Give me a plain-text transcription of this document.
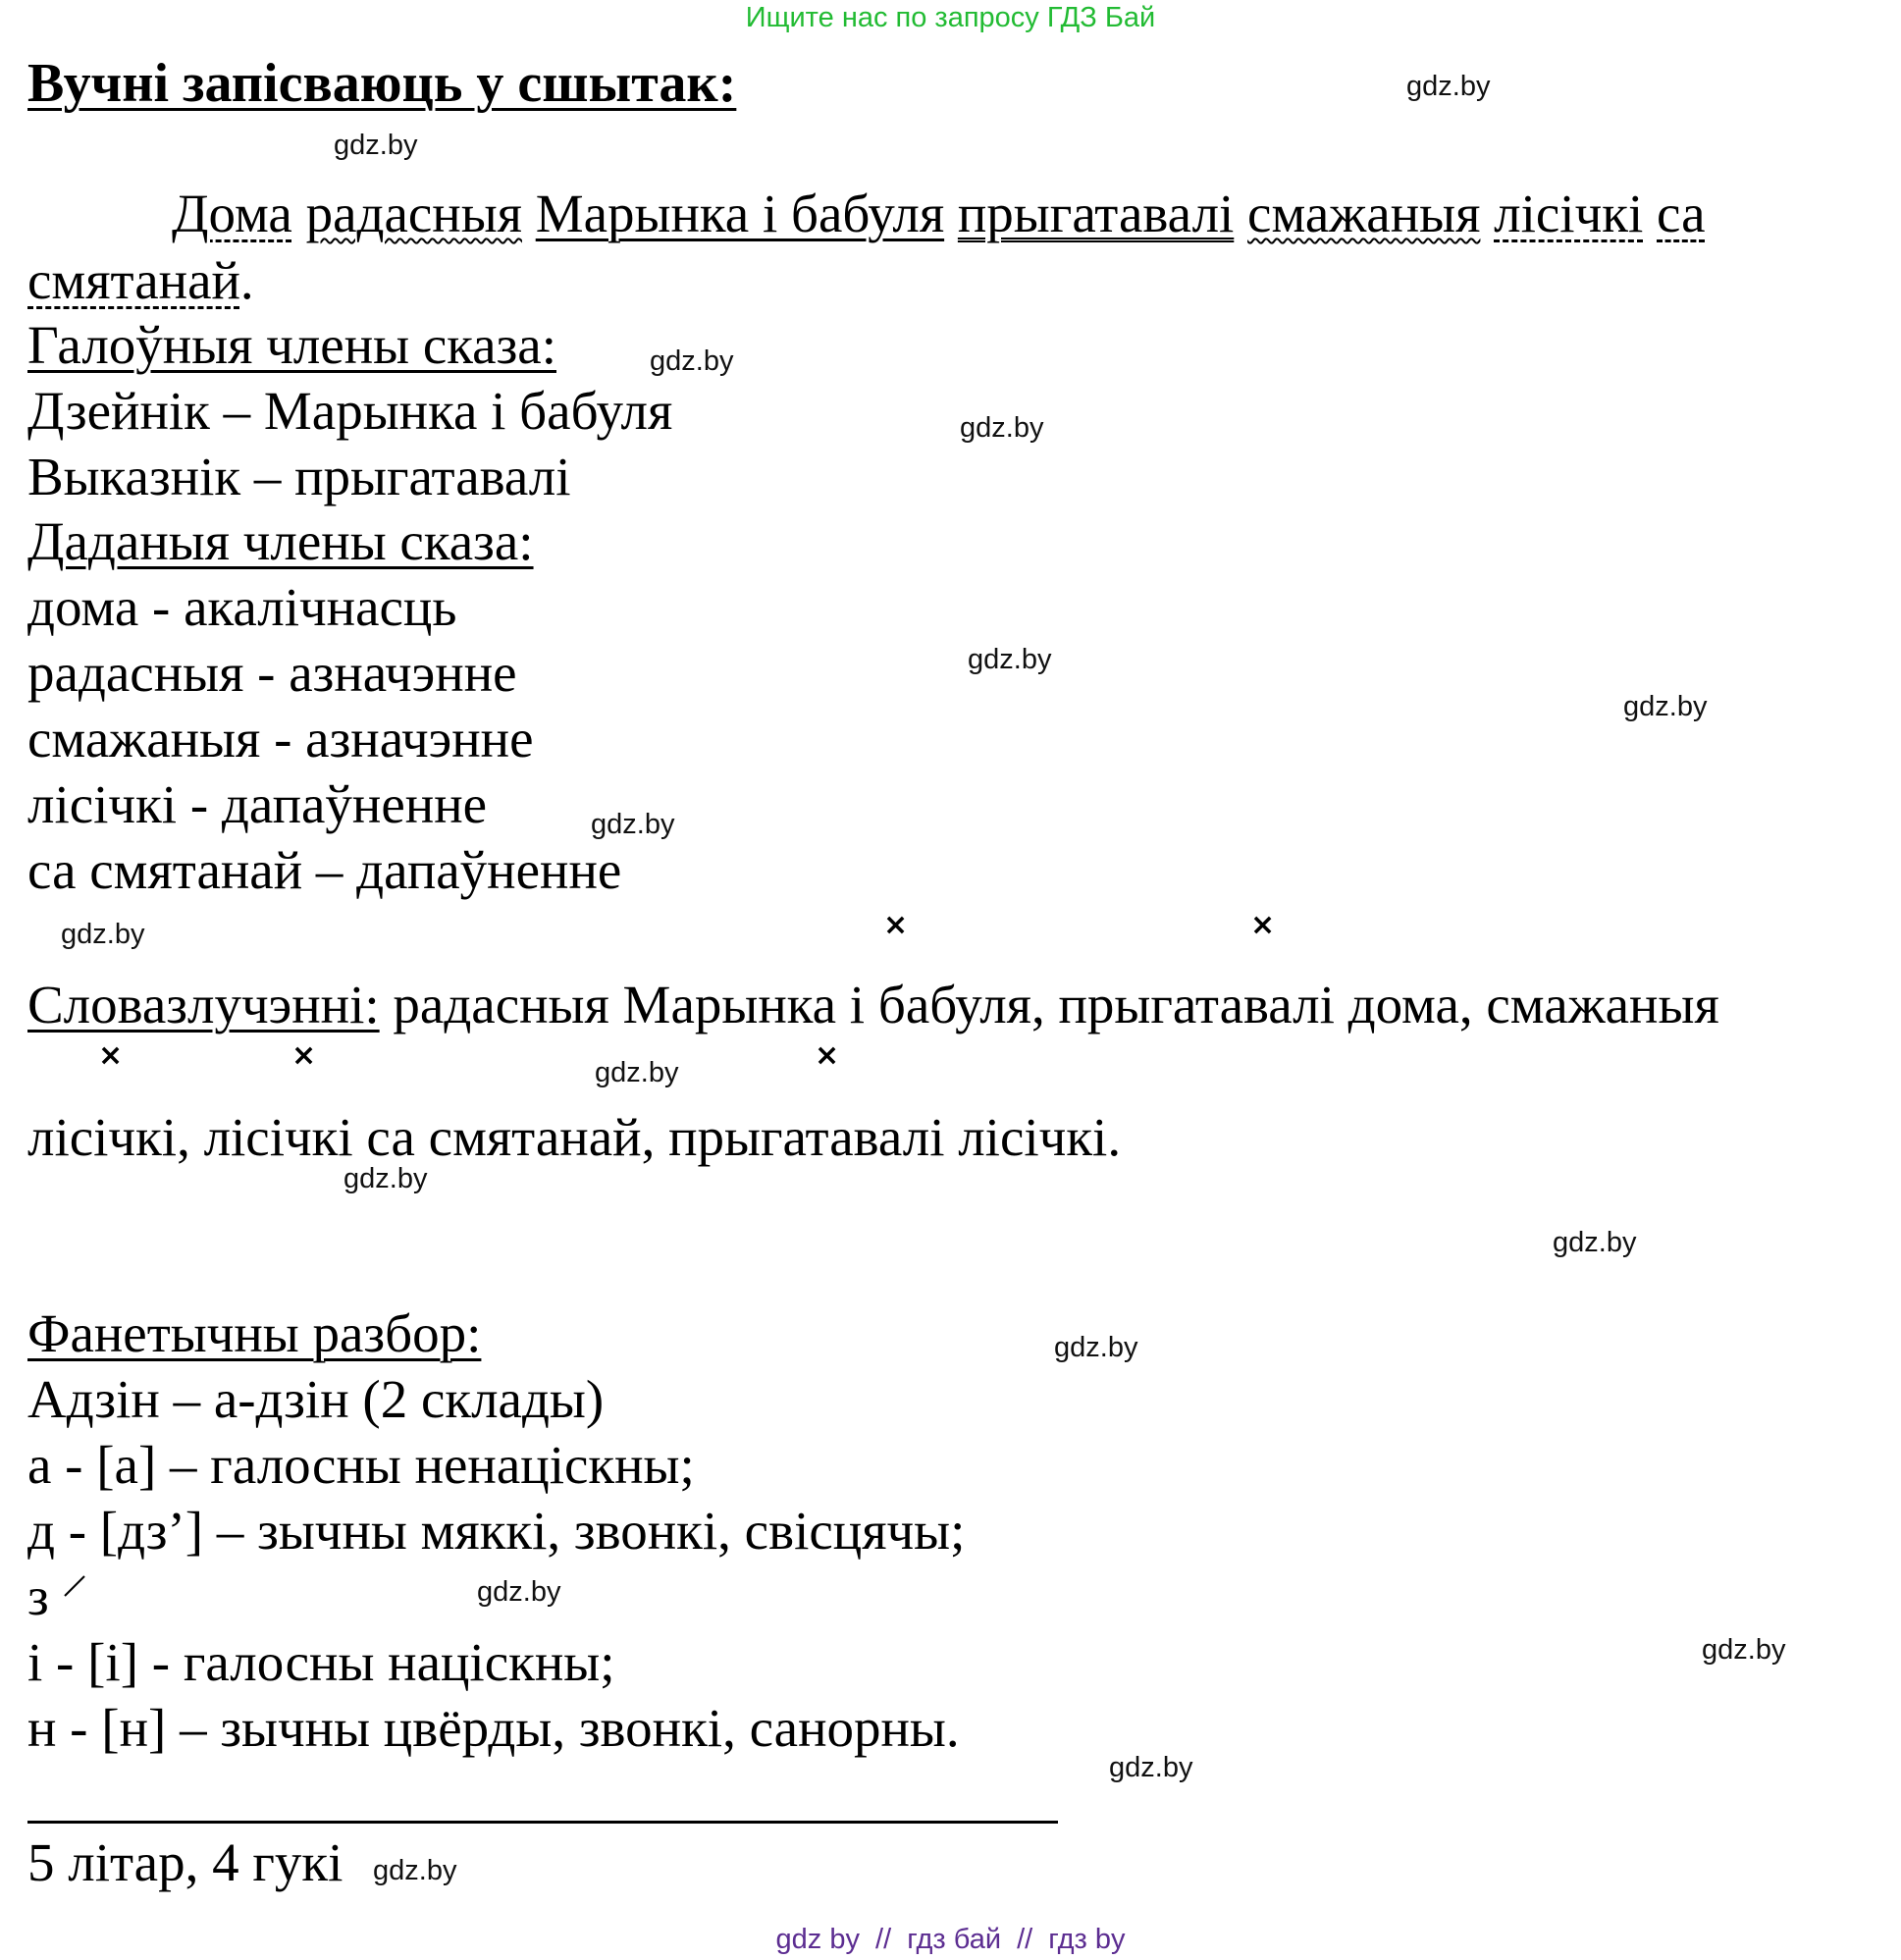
Ищите нас по запросу ГДЗ Бай
Вучні запісваюць у сшытак:
Дома радасныя Марынка і бабуля прыгатавалі смажаныя лісічкі са
смятанай.
Галоўныя члены сказа:
Дзейнік – Марынка і бабуля
Выказнік – прыгатавалі
Даданыя члены сказа:
дома - акалічнасць
радасныя - азначэнне
смажаныя - азначэнне
лісічкі - дапаўненне
са смятанай – дапаўненне
×	×
Словазлучэнні: радасныя Марынка і бабуля, прыгатавалі дома, смажаныя
×	×	×
лісічкі, лісічкі са смятанай, прыгатавалі лісічкі.
Фанетычны разбор:
Адзін – а-дзін (2 склады)
а - [а] – галосны ненаціскны;
д - [дз’] – зычны мяккі, звонкі, свісцячы;
з
і - [і] - галосны націскны;
н - [н] – зычны цвёрды, звонкі, санорны.
5 літар, 4 гукі
gdz.by
gdz.by
gdz.by
gdz.by
gdz.by
gdz.by
gdz.by
gdz.by
gdz.by
gdz.by
gdz.by
gdz.by
gdz.by
gdz.by
gdz.by
gdz.by
gdz by // гдз бай // гдз by
